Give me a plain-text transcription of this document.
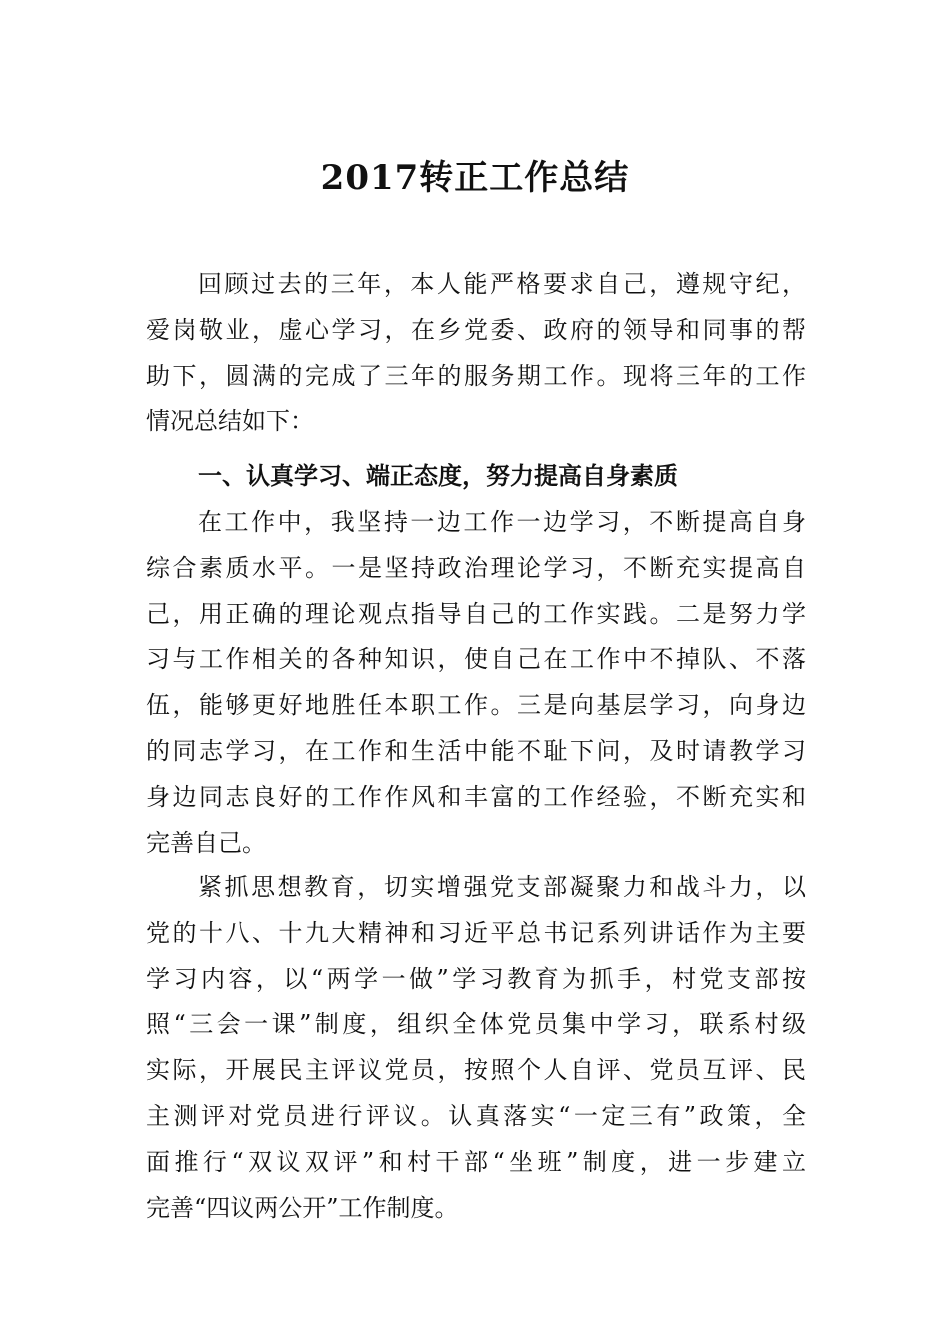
2017转正工作总结
回顾过去的三年，本人能严格要求自己，遵规守纪，
爱岗敬业，虚心学习，在乡党委、政府的领导和同事的帮
助下，圆满的完成了三年的服务期工作。现将三年的工作
情况总结如下：
一、认真学习、端正态度，努力提高自身素质
在工作中，我坚持一边工作一边学习，不断提高自身
综合素质水平。一是坚持政治理论学习，不断充实提高自
己，用正确的理论观点指导自己的工作实践。二是努力学
习与工作相关的各种知识，使自己在工作中不掉队、不落
伍，能够更好地胜任本职工作。三是向基层学习，向身边
的同志学习，在工作和生活中能不耻下问，及时请教学习
身边同志良好的工作作风和丰富的工作经验，不断充实和
完善自己。
紧抓思想教育，切实增强党支部凝聚力和战斗力，以
党的十八、十九大精神和习近平总书记系列讲话作为主要
学习内容，以“两学一做”学习教育为抓手，村党支部按
照“三会一课”制度，组织全体党员集中学习，联系村级
实际，开展民主评议党员，按照个人自评、党员互评、民
主测评对党员进行评议。认真落实“一定三有”政策，全
面推行“双议双评”和村干部“坐班”制度，进一步建立
完善“四议两公开”工作制度。
